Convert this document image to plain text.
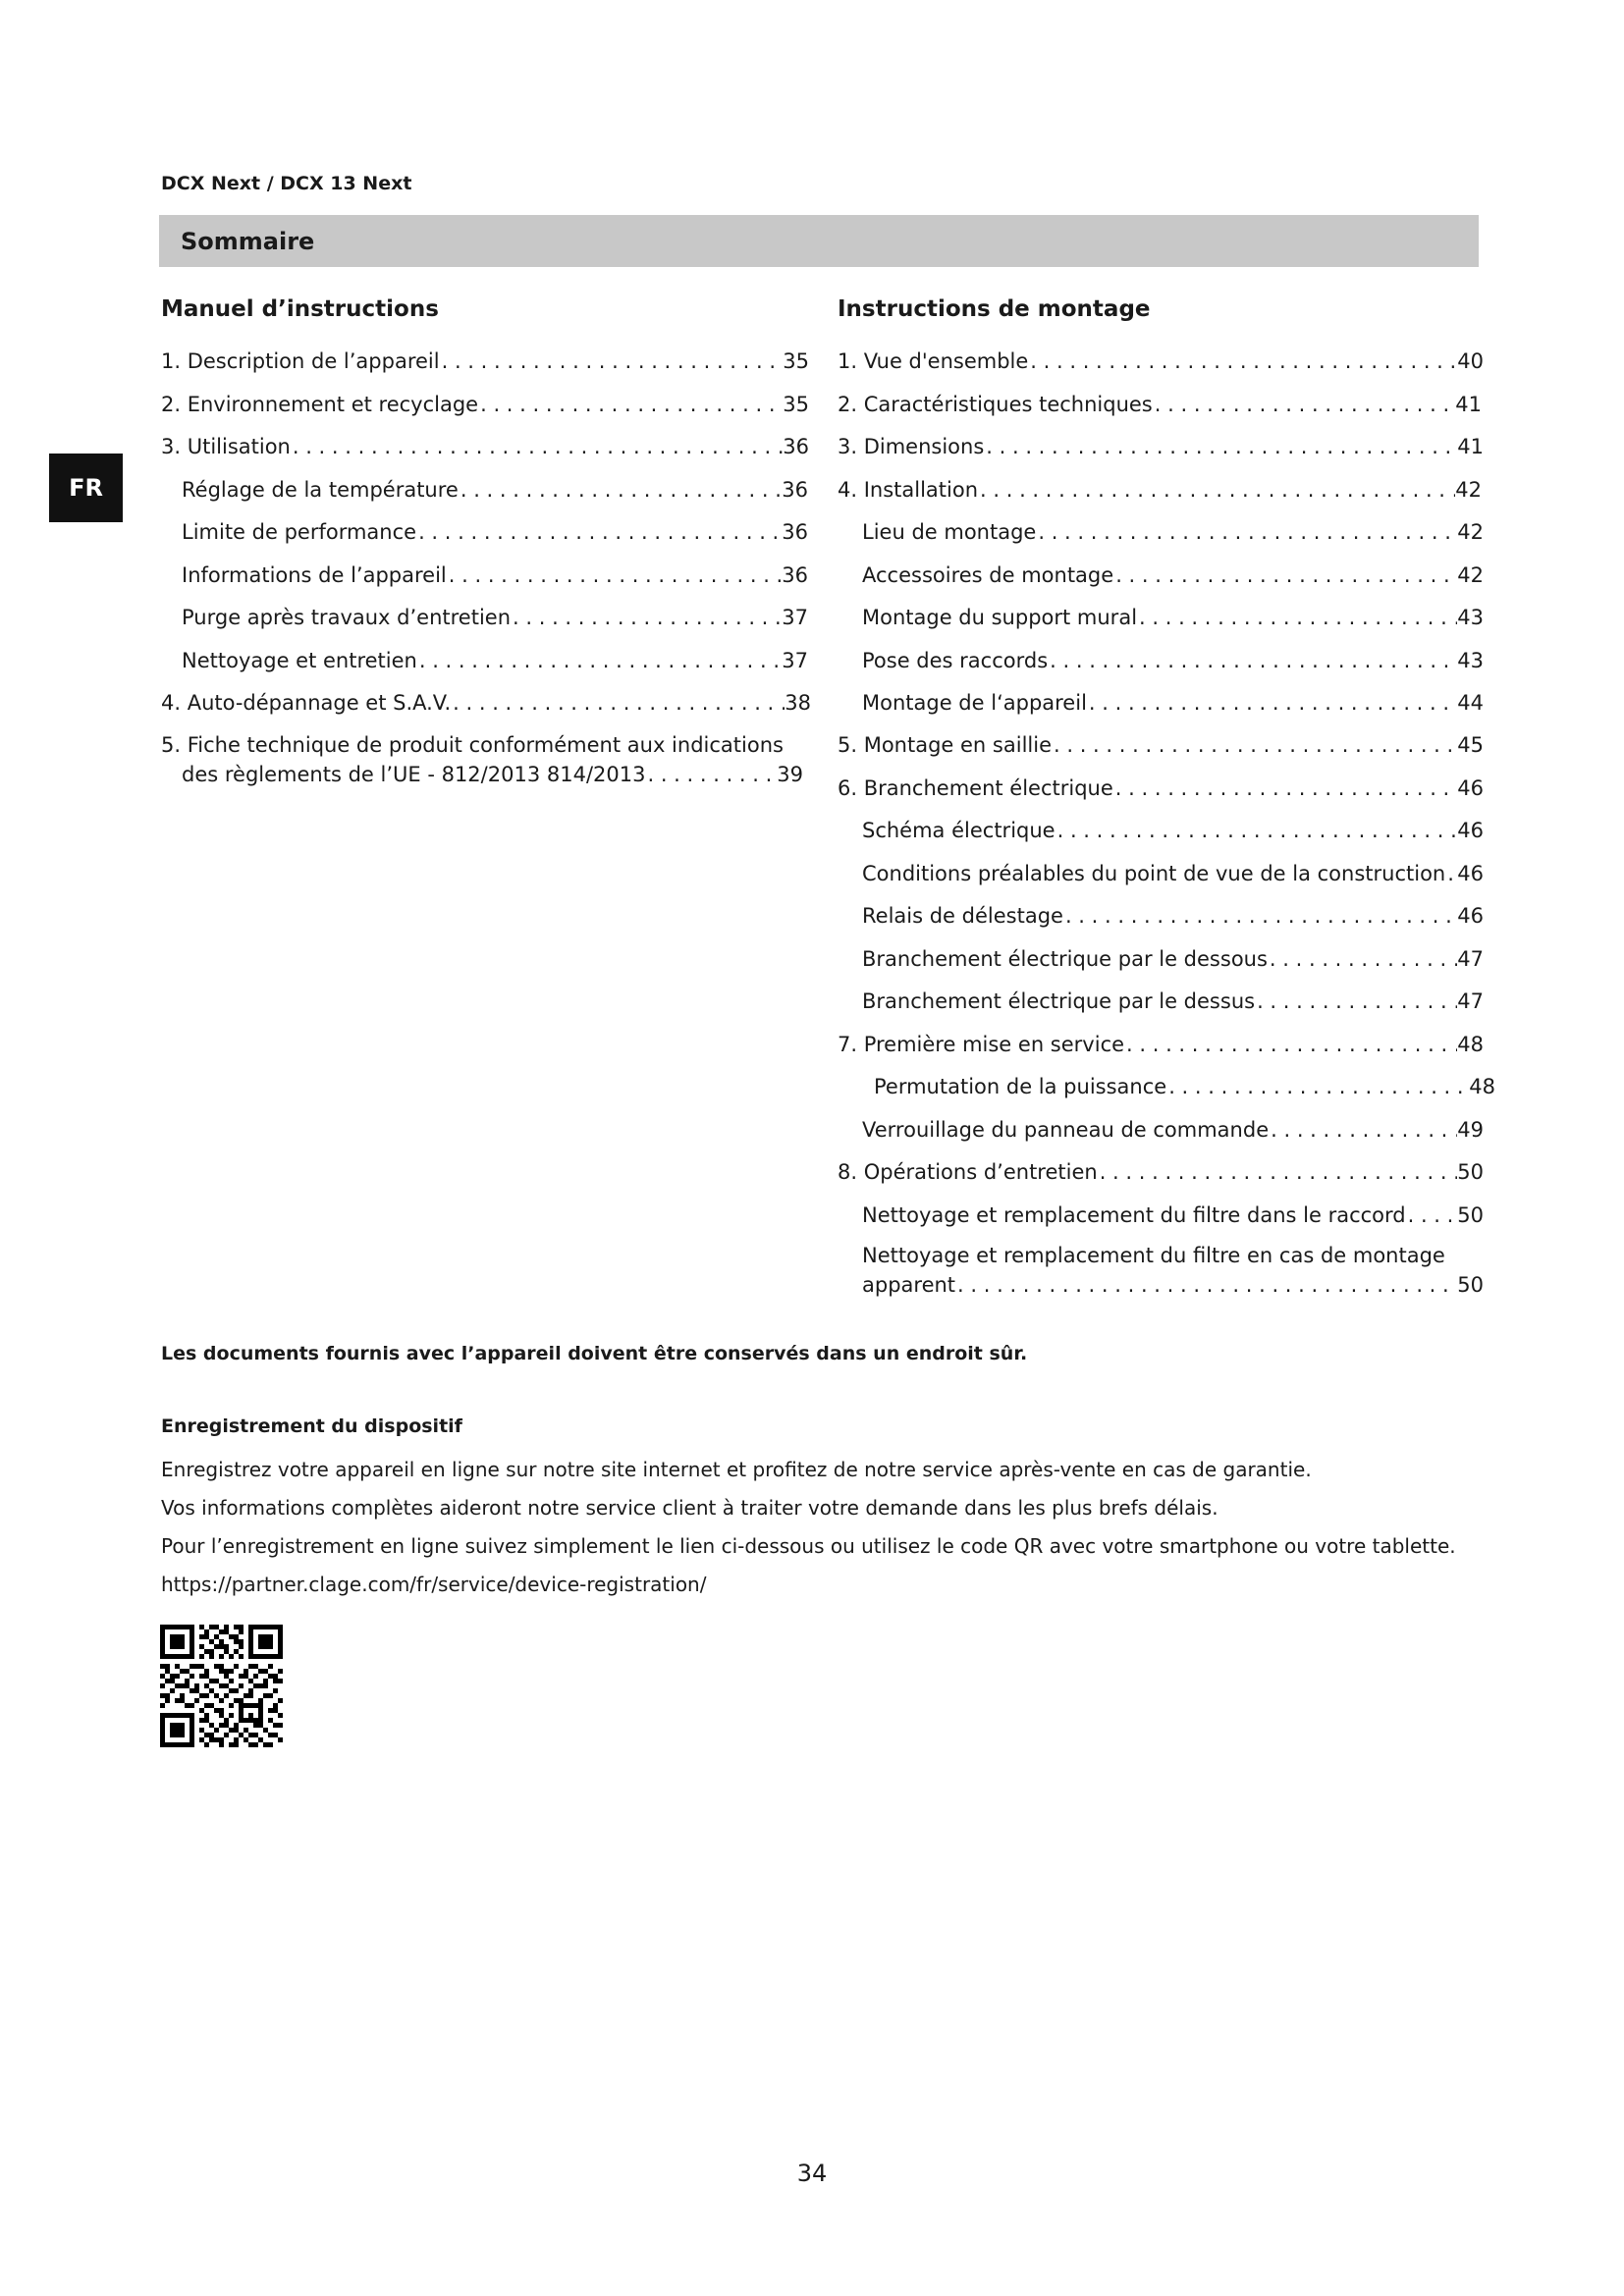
DCX Next / DCX 13 Next
FR
Sommaire
Manuel d’instructions
1. Description de l’appareil . . .	35
2. Environnement et recyclage . . .	35
3. Utilisation . . .	36
Réglage de la température . . .	36
Limite de performance . . .	36
Informations de l’appareil . . .	36
Purge après travaux d’entretien . . .	37
Nettoyage et entretien . . .	37
4. Auto-dépannage et S.A.V. . . .	38
5. Fiche technique de produit conformément aux indications
des règlements de l’UE - 812/2013 814/2013 . . .	39
Instructions de montage
1. Vue d'ensemble . . .	40
2. Caractéristiques techniques . . .	41
3. Dimensions . . .	41
4. Installation . . .	42
Lieu de montage . . .	42
Accessoires de montage . . .	42
Montage du support mural . . .	43
Pose des raccords . . .	43
Montage de l‘appareil . . .	44
5. Montage en saillie . . .	45
6. Branchement électrique . . .	46
Schéma électrique . . .	46
Conditions préalables du point de vue de la construction . . . 46
Relais de délestage . . .	46
Branchement électrique par le dessous . . .	47
Branchement électrique par le dessus . . .	47
7. Première mise en service . . .	48
Permutation de la puissance . . .	48
Verrouillage du panneau de commande . . .	49
8. Opérations d’entretien . . .	50
Nettoyage et remplacement du filtre dans le raccord . . .	50
Nettoyage et remplacement du filtre en cas de montage
apparent . . .	50
Les documents fournis avec l’appareil doivent être conservés dans un endroit sûr.
Enregistrement du dispositif
Enregistrez votre appareil en ligne sur notre site internet et profitez de notre service après-vente en cas de garantie.
Vos informations complètes aideront notre service client à traiter votre demande dans les plus brefs délais.
Pour l’enregistrement en ligne suivez simplement le lien ci-dessous ou utilisez le code QR avec votre smartphone ou votre tablette.
https://partner.clage.com/fr/service/device-registration/
34
